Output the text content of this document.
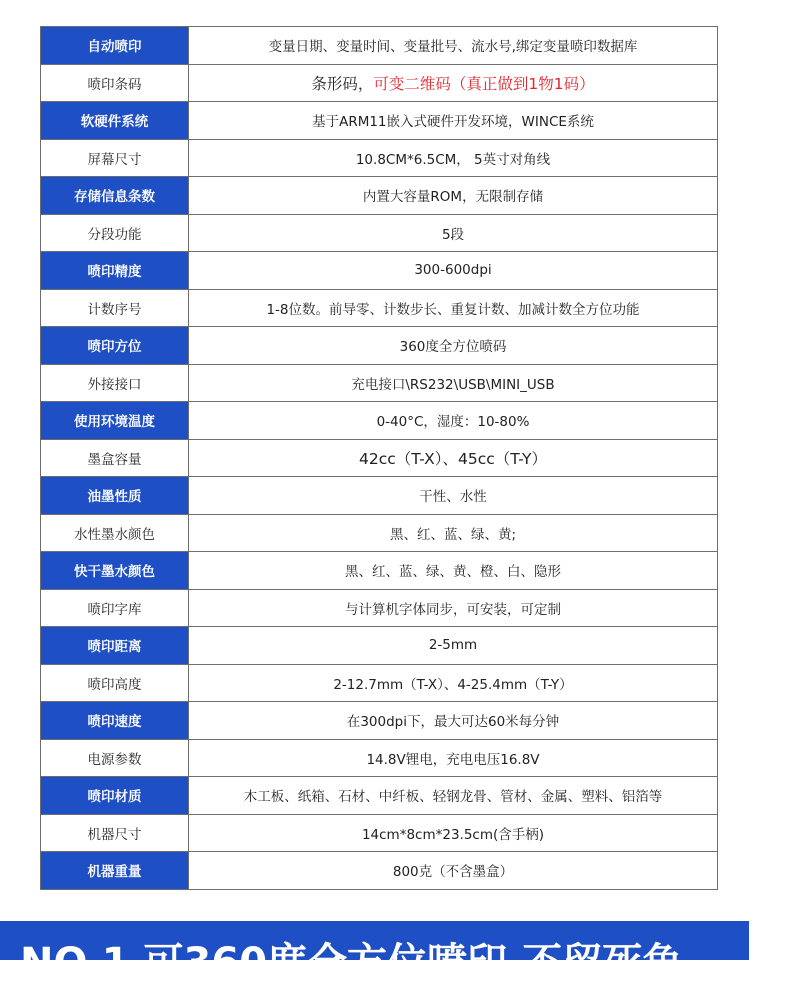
自动喷印	变量日期、变量时间、变量批号、流水号,绑定变量喷印数据库
喷印条码	条形码，可变二维码（真正做到1物1码）
软硬件系统	基于ARM11嵌入式硬件开发环境，WINCE系统
屏幕尺寸	10.8CM*6.5CM， 5英寸对角线
存储信息条数	内置大容量ROM，无限制存储
分段功能	5段
喷印精度	300-600dpi
计数序号	1-8位数。前导零、计数步长、重复计数、加减计数全方位功能
喷印方位	360度全方位喷码
外接接口	充电接口\RS232\USB\MINI_USB
使用环境温度	0-40°C，湿度：10-80%
墨盒容量	42cc（T-X）、45cc（T-Y）
油墨性质	干性、水性
水性墨水颜色	黑、红、蓝、绿、黄;
快干墨水颜色	黑、红、蓝、绿、黄、橙、白、隐形
喷印字库	与计算机字体同步，可安装，可定制
喷印距离	2-5mm
喷印高度	2-12.7mm（T-X）、4-25.4mm（T-Y）
喷印速度	在300dpi下，最大可达60米每分钟
电源参数	14.8V锂电，充电电压16.8V
喷印材质	木工板、纸箱、石材、中纤板、轻钢龙骨、管材、金属、塑料、铝箔等
机器尺寸	14cm*8cm*23.5cm(含手柄)
机器重量	800克（不含墨盒）
NO.1 可360度全方位喷印,不留死角
